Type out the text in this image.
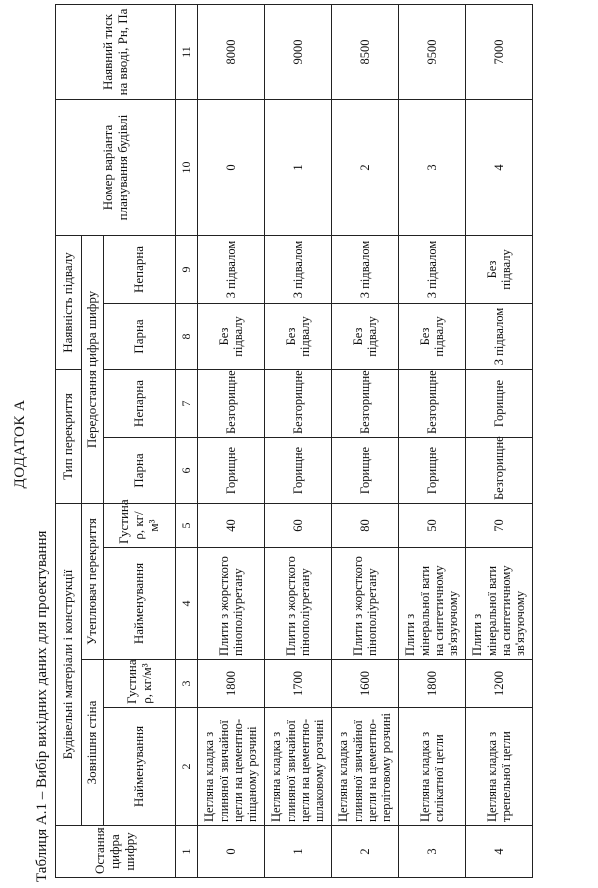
ДОДАТОК А
Таблиця А.1 – Вибір вихідних даних для проектування	Остання цифра шифру	Будівельні матеріали і конструкції				Тип перекриття		Наявність підвалу		Номер варіанта планування будівлі	Наявний тиск на вводі, Pн, Па
	Зовнішня стіна		Утеплювач перекриття		Передостання цифра шифру					
	Найменування	Густина ρ, кг/м³	Найменування	Густина ρ, кг/м³	Парна	Непарна	Парна	Непарна		
1	2	3	4	5	6	7	8	9	10	11
0	Цегляна кладка з глиняної звичайної цегли на цементно-піщаному розчині	1800	Плити з жорсткого пінополіуретану	40	Горищне	Безгорищне	Без підвалу	З підвалом	0	8000
1	Цегляна кладка з глиняної звичайної цегли на цементно-шлаковому розчині	1700	Плити з жорсткого пінополіуретану	60	Горищне	Безгорищне	Без підвалу	З підвалом	1	9000
2	Цегляна кладка з глиняної звичайної цегли на цементно-перлітовому розчині	1600	Плити з жорсткого пінополіуретану	80	Горищне	Безгорищне	Без підвалу	З підвалом	2	8500
3	Цегляна кладка з силікатної цегли	1800	Плити з мінеральної вати на синтетичному зв'язуючому	50	Горищне	Безгорищне	Без підвалу	З підвалом	3	9500
4	Цегляна кладка з трепельної цегли	1200	Плити з мінеральної вати на синтетичному зв'язуючому	70	Безгорищне	Горищне	З підвалом	Без підвалу	4	7000
